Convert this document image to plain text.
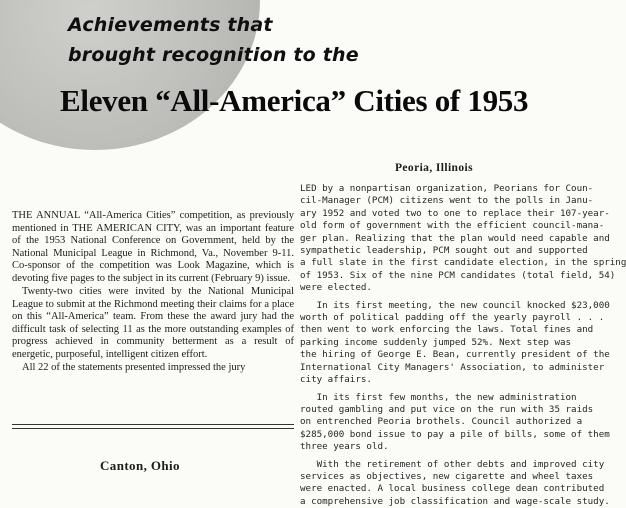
Achievements that
brought recognition to the

Eleven “All-America” Cities of 1953

THE ANNUAL “All-America Cities” competition, as previously mentioned in THE AMERICAN CITY, was an important feature of the 1953 National Conference on Government, held by the National Municipal League in Richmond, Va., November 9-11. Co-sponsor of the competition was Look Magazine, which is devoting five pages to the subject in its current (February 9) issue.

Twenty-two cities were invited by the National Municipal League to submit at the Richmond meeting their claims for a place on this “All-America” team. From these the award jury had the difficult task of selecting 11 as the more outstanding examples of progress achieved in community betterment as a result of energetic, purposeful, intelligent citizen effort.

All 22 of the statements presented impressed the jury

Canton, Ohio
Peoria, Illinois
LED by a nonpartisan organization, Peorians for Coun-
cil-Manager (PCM) citizens went to the polls in Janu-
ary 1952 and voted two to one to replace their 107-year-
old form of government with the efficient council-mana-
ger plan. Realizing that the plan would need capable and
sympathetic leadership, PCM sought out and supported
a full slate in the first candidate election, in the spring
of 1953. Six of the nine PCM candidates (total field, 54)
were elected.
In its first meeting, the new council knocked $23,000
worth of political padding off the yearly payroll . . .
then went to work enforcing the laws. Total fines and
parking income suddenly jumped 52%. Next step was
the hiring of George E. Bean, currently president of the
International City Managers' Association, to administer
city affairs.
In its first few months, the new administration
routed gambling and put vice on the run with 35 raids
on entrenched Peoria brothels. Council authorized a
$285,000 bond issue to pay a pile of bills, some of them
three years old.
With the retirement of other debts and improved city
services as objectives, new cigarette and wheel taxes
were enacted. A local business college dean contributed
a comprehensive job classification and wage-scale study.
